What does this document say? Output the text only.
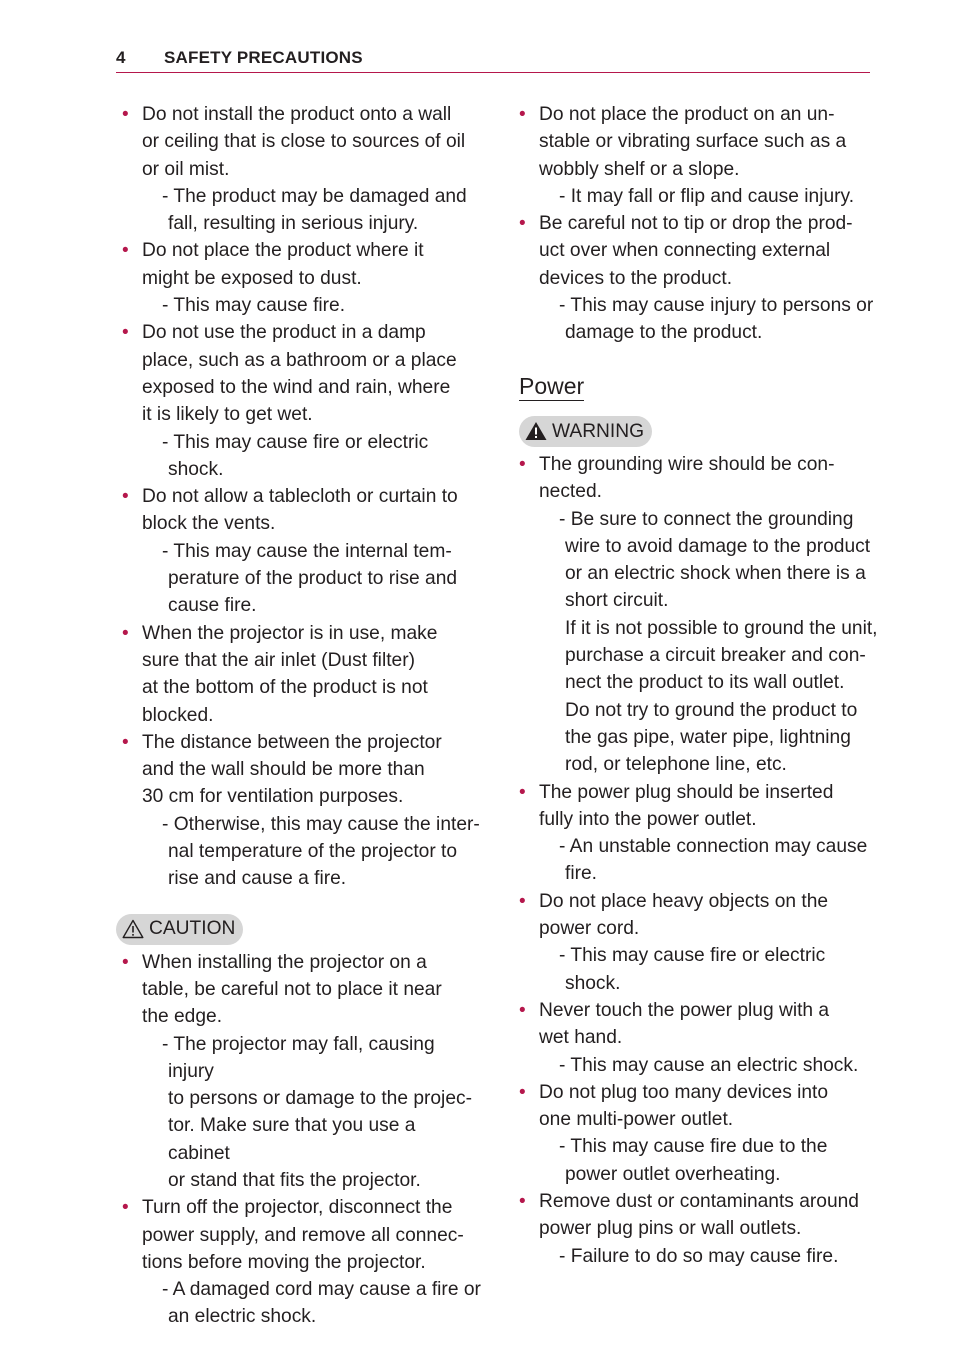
4 SAFETY PRECAUTIONS
• Do not install the product onto a wall
or ceiling that is close to sources of oil
or oil mist.
- The product may be damaged and
fall, resulting in serious injury.
• Do not place the product where it
might be exposed to dust.
- This may cause fire.
• Do not use the product in a damp
place, such as a bathroom or a place
exposed to the wind and rain, where
it is likely to get wet.
- This may cause fire or electric
shock.
• Do not allow a tablecloth or curtain to
block the vents.
- This may cause the internal tem-
perature of the product to rise and
cause fire.
• When the projector is in use, make
sure that the air inlet (Dust filter)
at the bottom of the product is not
blocked.
• The distance between the projector
and the wall should be more than
30 cm for ventilation purposes.
- Otherwise, this may cause the inter-
nal temperature of the projector to
rise and cause a fire.
CAUTION
• When installing the projector on a
table, be careful not to place it near
the edge.
- The projector may fall, causing injury
to persons or damage to the projec-
tor. Make sure that you use a cabinet
or stand that fits the projector.
• Turn off the projector, disconnect the
power supply, and remove all connec-
tions before moving the projector.
- A damaged cord may cause a fire or
an electric shock.
• Do not place the product on an un-
stable or vibrating surface such as a
wobbly shelf or a slope.
- It may fall or flip and cause injury.
• Be careful not to tip or drop the prod-
uct over when connecting external
devices to the product.
- This may cause injury to persons or
damage to the product.
Power
WARNING
• The grounding wire should be con-
nected.
- Be sure to connect the grounding
wire to avoid damage to the product
or an electric shock when there is a
short circuit.
If it is not possible to ground the unit,
purchase a circuit breaker and con-
nect the product to its wall outlet.
Do not try to ground the product to
the gas pipe, water pipe, lightning
rod, or telephone line, etc.
• The power plug should be inserted
fully into the power outlet.
- An unstable connection may cause
fire.
• Do not place heavy objects on the
power cord.
- This may cause fire or electric
shock.
• Never touch the power plug with a
wet hand.
- This may cause an electric shock.
• Do not plug too many devices into
one multi-power outlet.
- This may cause fire due to the
power outlet overheating.
• Remove dust or contaminants around
power plug pins or wall outlets.
- Failure to do so may cause fire.
